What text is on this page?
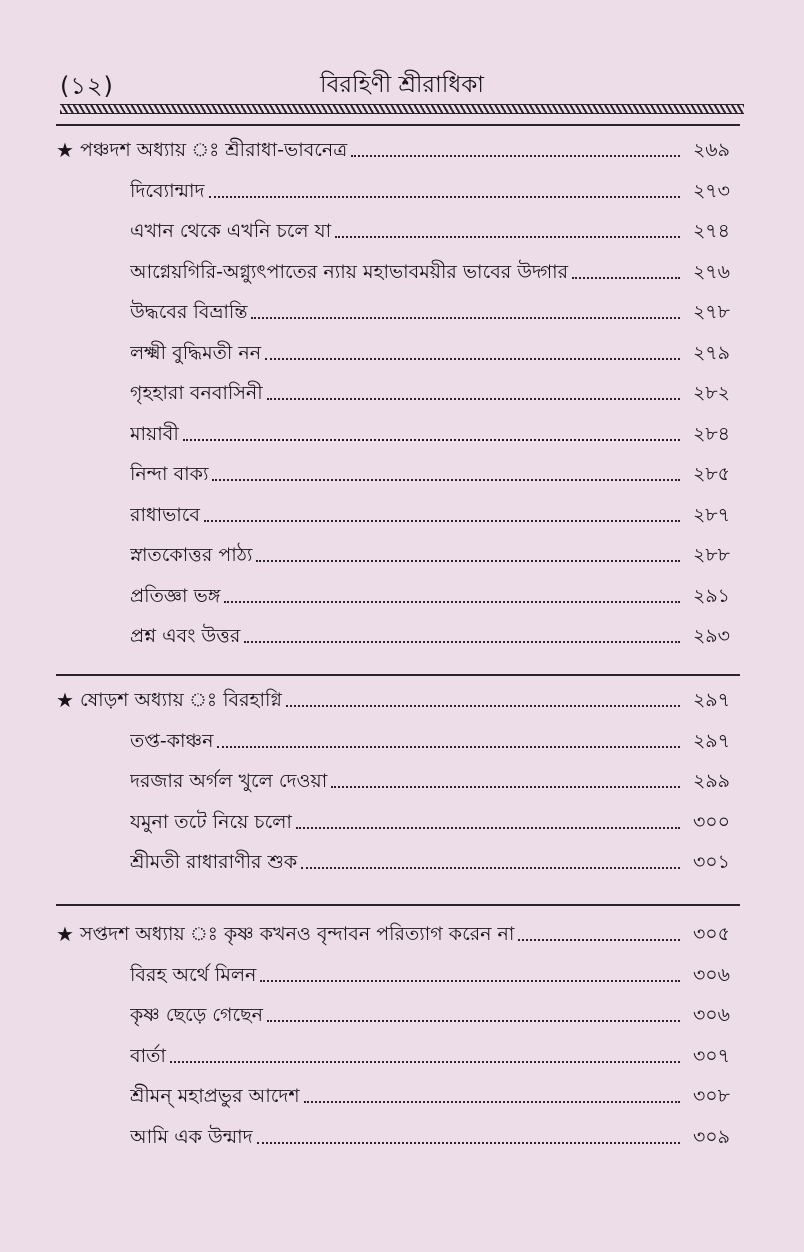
(১২)	বিরহিণী শ্রীরাধিকা
★ পঞ্চদশ অধ্যায় ঃ শ্রীরাধা-ভাবনেত্র	২৬৯
দিব্যোন্মাদ	২৭৩
এখান থেকে এখনি চলে যা	২৭৪
আগ্নেয়গিরি-অগ্ন্যুৎপাতের ন্যায় মহাভাবময়ীর ভাবের উদ্গার	২৭৬
উদ্ধবের বিভ্রান্তি	২৭৮
লক্ষ্মী বুদ্ধিমতী নন	২৭৯
গৃহহারা বনবাসিনী	২৮২
মায়াবী	২৮৪
নিন্দা বাক্য	২৮৫
রাধাভাবে	২৮৭
স্নাতকোত্তর পাঠ্য	২৮৮
প্রতিজ্ঞা ভঙ্গ	২৯১
প্রশ্ন এবং উত্তর	২৯৩
★ ষোড়শ অধ্যায় ঃ বিরহাগ্নি	২৯৭
তপ্ত-কাঞ্চন	২৯৭
দরজার অর্গল খুলে দেওয়া	২৯৯
যমুনা তটে নিয়ে চলো	৩০০
শ্রীমতী রাধারাণীর শুক	৩০১
★ সপ্তদশ অধ্যায় ঃ কৃষ্ণ কখনও বৃন্দাবন পরিত্যাগ করেন না	৩০৫
বিরহ অর্থে মিলন	৩০৬
কৃষ্ণ ছেড়ে গেছেন	৩০৬
বার্তা	৩০৭
শ্রীমন্ মহাপ্রভুর আদেশ	৩০৮
আমি এক উন্মাদ	৩০৯
